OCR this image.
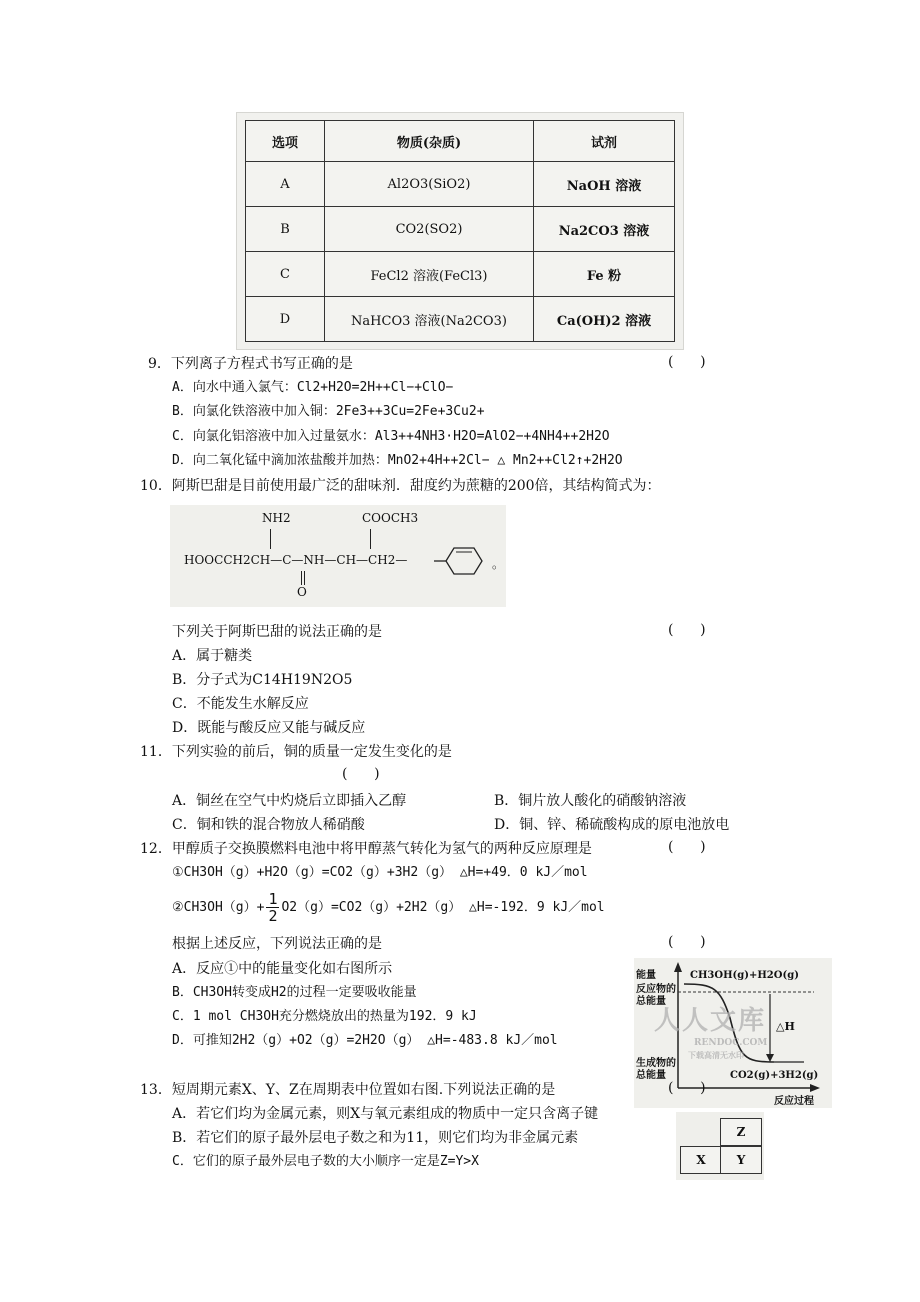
选项	物质(杂质)	试剂
A	Al2O3(SiO2)	NaOH 溶液
B	CO2(SO2)	Na2CO3 溶液
C	FeCl2 溶液(FeCl3)	Fe 粉
D	NaHCO3 溶液(Na2CO3)	Ca(OH)2 溶液
9．下列离子方程式书写正确的是	(      )
A．向水中通入氯气：Cl2+H2O=2H++Cl−+ClO−
B．向氯化铁溶液中加入铜：2Fe3++3Cu=2Fe+3Cu2+
C．向氯化铝溶液中加入过量氨水：Al3++4NH3·H2O=AlO2−+4NH4++2H2O
D．向二氧化锰中滴加浓盐酸并加热：MnO2+4H++2Cl− △ Mn2++Cl2↑+2H2O
10．阿斯巴甜是目前使用最广泛的甜味剂．甜度约为蔗糖的200倍，其结构简式为：
NH2	COOCH3
HOOCCH2CH—C—NH—CH—CH2—
O
。
下列关于阿斯巴甜的说法正确的是	(      )
A．属于糖类
B．分子式为C14H19N2O5
C．不能发生水解反应
D．既能与酸反应又能与碱反应
11．下列实验的前后，铜的质量一定发生变化的是
(      )
A．铜丝在空气中灼烧后立即插入乙醇	B．铜片放人酸化的硝酸钠溶液
C．铜和铁的混合物放人稀硝酸	D．铜、锌、稀硫酸构成的原电池放电
12．甲醇质子交换膜燃料电池中将甲醇蒸气转化为氢气的两种反应原理是	(      )
①CH3OH（g）+H2O（g）=CO2（g）+3H2（g） △H=+49．0 kJ／mol
②CH3OH（g）+ $\frac{1}{2} O2(g)=CO2(g)+2H2(g)$ △H=-192．9 kJ／mol
根据上述反应，下列说法正确的是	(      )
A．反应①中的能量变化如右图所示
B．CH3OH转变成H2的过程一定要吸收能量
C．1 mol CH3OH充分燃烧放出的热量为192．9 kJ
D．可推知2H2（g）+O2（g）=2H2O（g） △H=-483.8 kJ／mol
能量
反应物的
总能量
CH3OH(g)+H2O(g)
△H
生成物的
总能量	CO2(g)+3H2(g)
反应过程
人人文库
RENDOC.COM
下载高清无水印
13．短周期元素X、Y、Z在周期表中位置如右图.下列说法正确的是	(      )
A．若它们均为金属元素，则X与氧元素组成的物质中一定只含离子键
B．若它们的原子最外层电子数之和为11，则它们均为非金属元素
C．它们的原子最外层电子数的大小顺序一定是Z=Y>X
Z
X	Y
